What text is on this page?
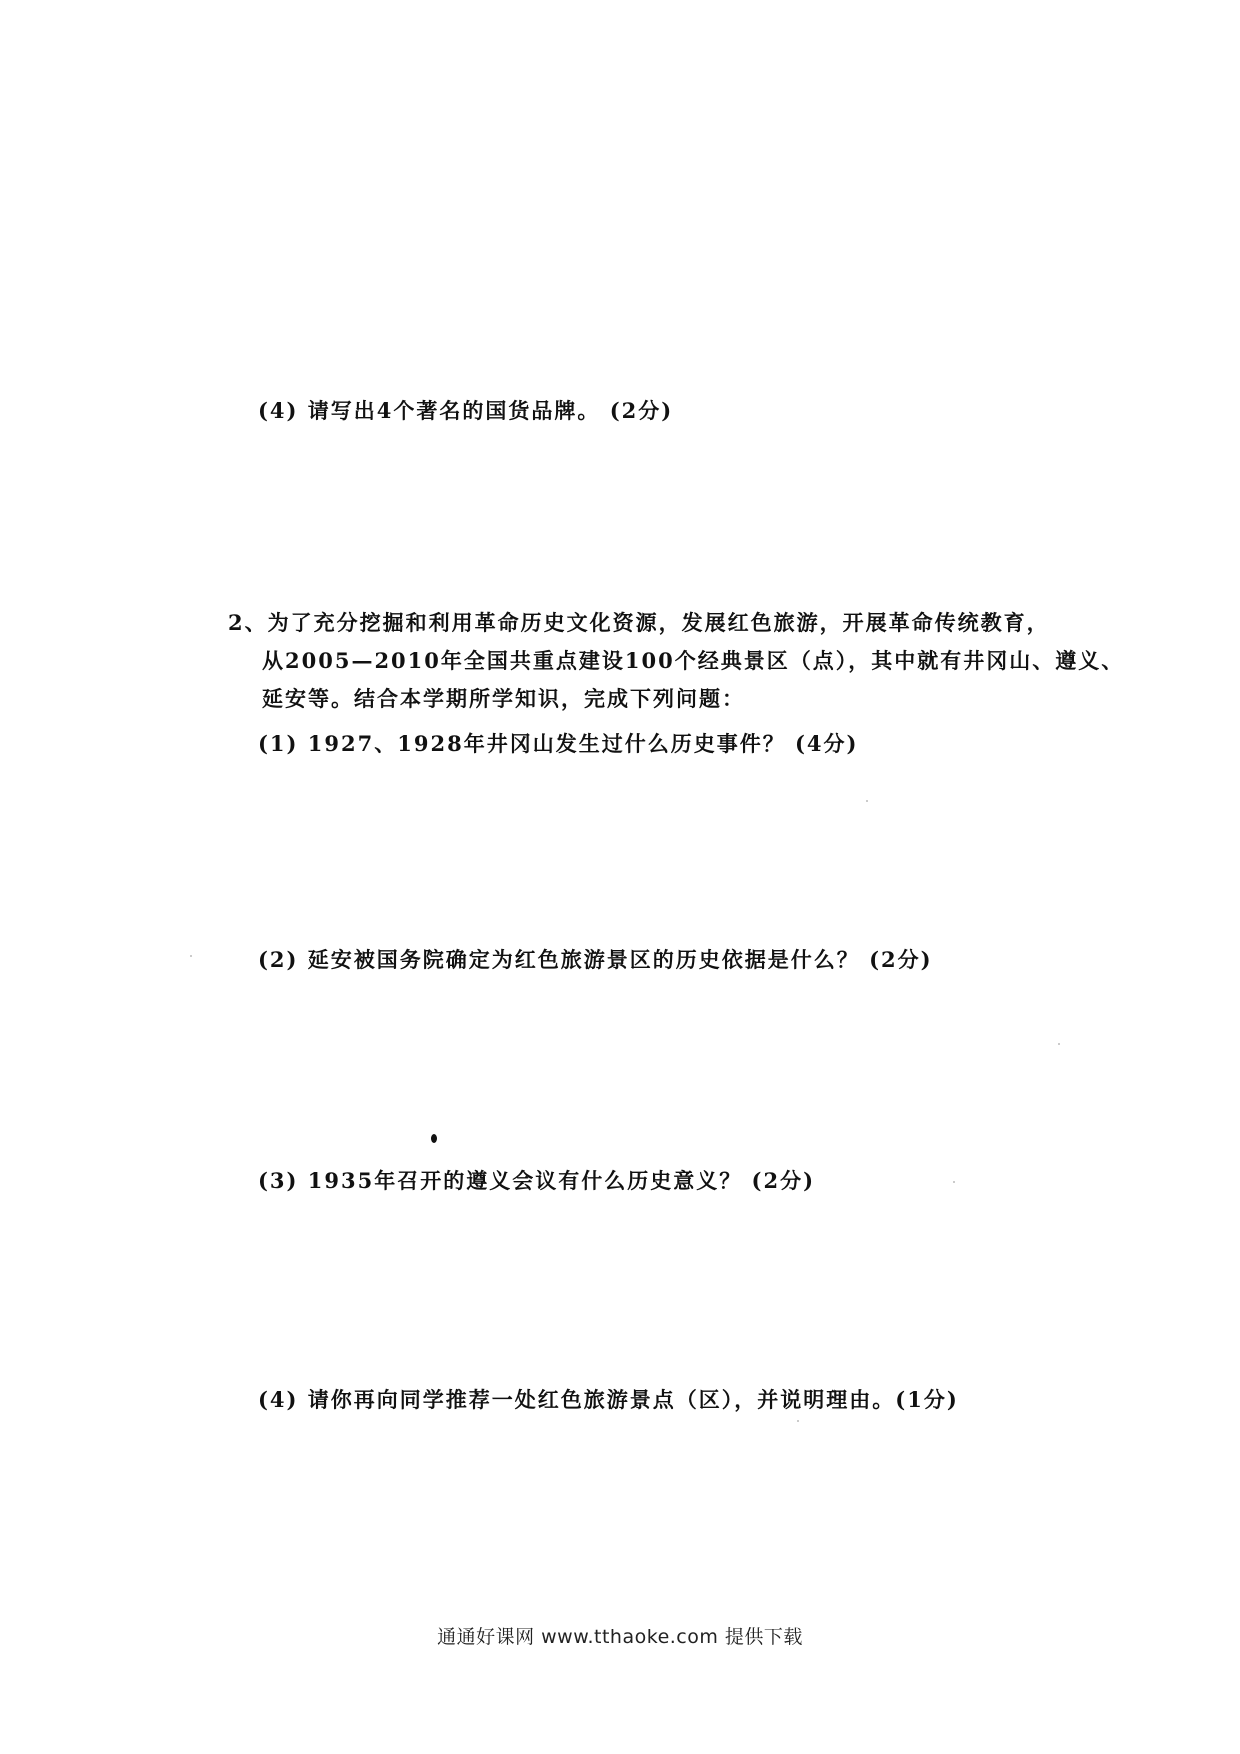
(4) 请写出4个著名的国货品牌。 (2分)
2、为了充分挖掘和利用革命历史文化资源，发展红色旅游，开展革命传统教育，
从2005—2010年全国共重点建设100个经典景区（点），其中就有井冈山、遵义、
延安等。结合本学期所学知识，完成下列问题：
(1) 1927、1928年井冈山发生过什么历史事件？ (4分)
(2) 延安被国务院确定为红色旅游景区的历史依据是什么？ (2分)
(3) 1935年召开的遵义会议有什么历史意义？ (2分)
(4) 请你再向同学推荐一处红色旅游景点（区），并说明理由。(1分)
通通好课网 www.tthaoke.com 提供下载
